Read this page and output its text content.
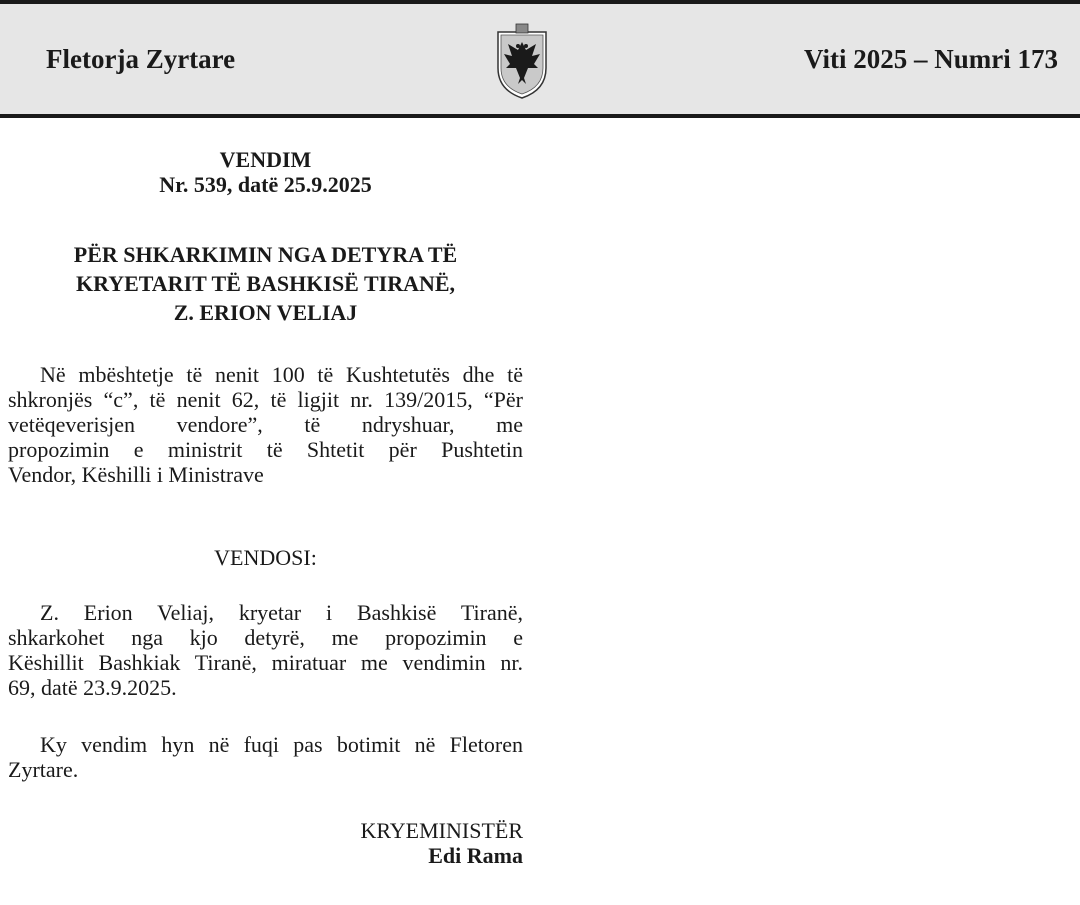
Fletorja Zyrtare	Viti 2025 – Numri 173
VENDIM
Nr. 539, datë 25.9.2025
PËR SHKARKIMIN NGA DETYRA TË
KRYETARIT TË BASHKISË TIRANË,
Z. ERION VELIAJ
Në mbështetje të nenit 100 të Kushtetutës dhe të
shkronjës “c”, të nenit 62, të ligjit nr. 139/2015, “Për
vetëqeverisjen vendore”, të ndryshuar, me
propozimin e ministrit të Shtetit për Pushtetin
Vendor, Këshilli i Ministrave
VENDOSI:
Z. Erion Veliaj, kryetar i Bashkisë Tiranë,
shkarkohet nga kjo detyrë, me propozimin e
Këshillit Bashkiak Tiranë, miratuar me vendimin nr.
69, datë 23.9.2025.
Ky vendim hyn në fuqi pas botimit në Fletoren
Zyrtare.
KRYEMINISTËR
Edi Rama
